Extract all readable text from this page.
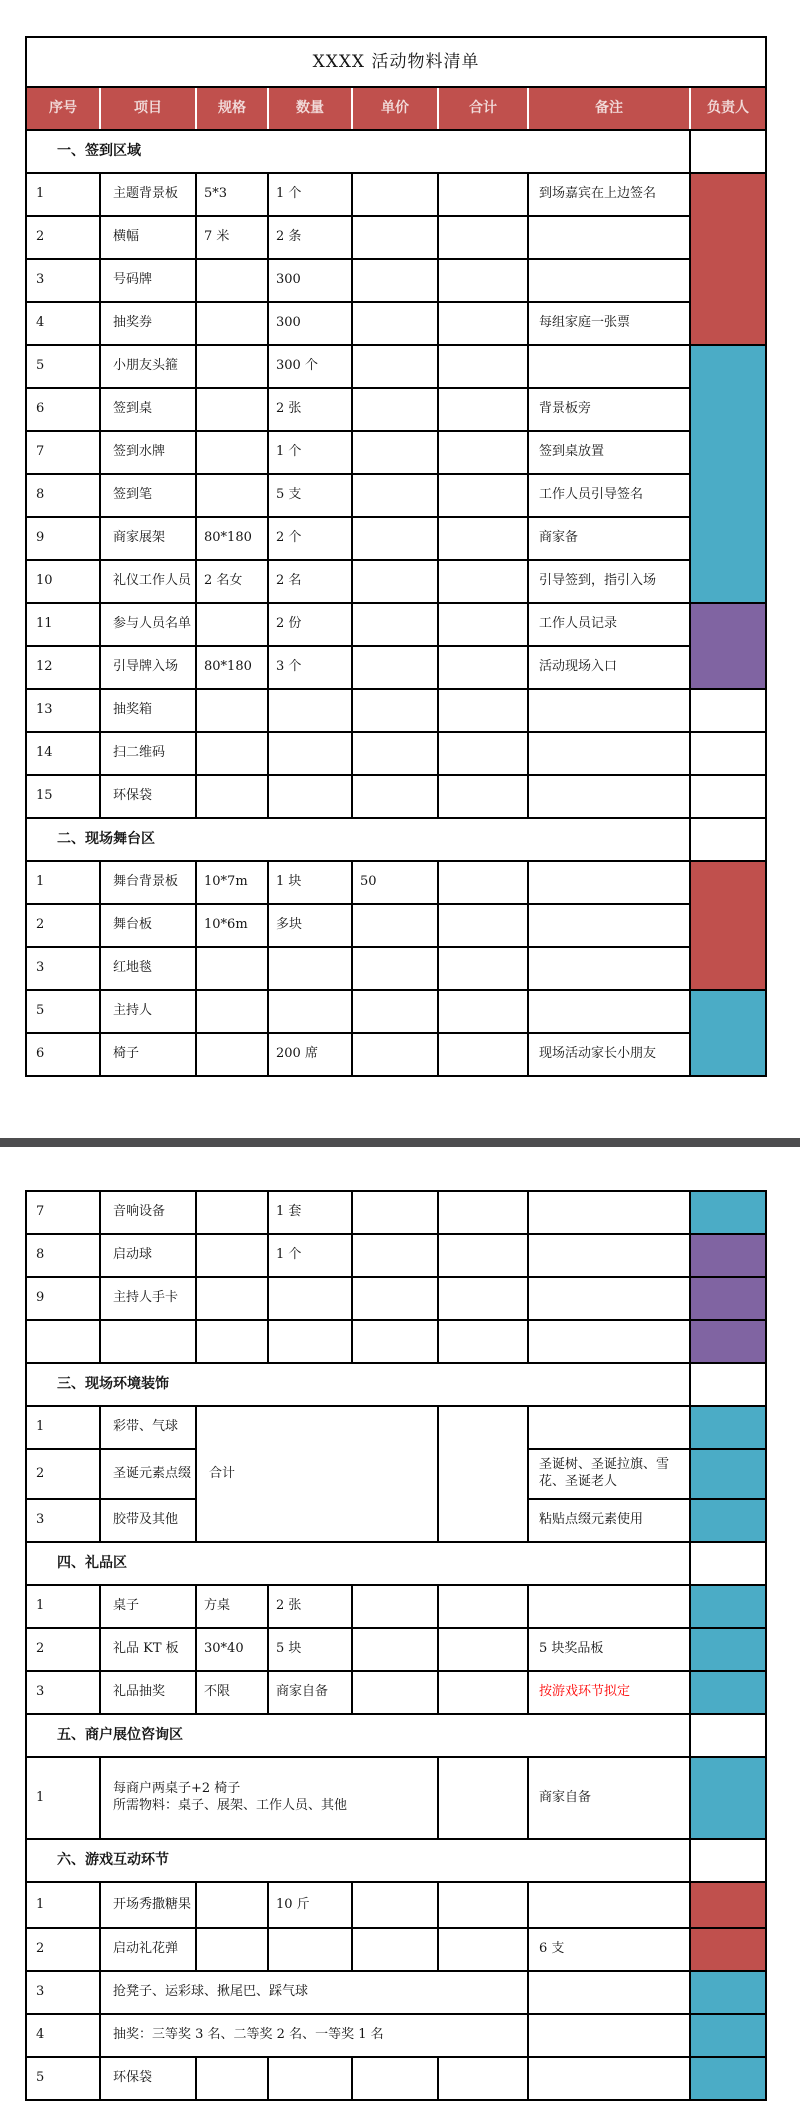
XXXX 活动物料清单							
序号	项目	规格	数量	单价	合计	备注	负责人
一、签到区域							
1	主题背景板	5*3	1 个			到场嘉宾在上边签名	
2	横幅	7 米	2 条				
3	号码牌		300				
4	抽奖券		300			每组家庭一张票	
5	小朋友头箍		300 个				
6	签到桌		2 张			背景板旁	
7	签到水牌		1 个			签到桌放置	
8	签到笔		5 支			工作人员引导签名	
9	商家展架	80*180	2 个			商家备	
10	礼仪工作人员	2 名女	2 名			引导签到，指引入场	
11	参与人员名单		2 份			工作人员记录	
12	引导牌入场	80*180	3 个			活动现场入口	
13	抽奖箱						
14	扫二维码						
15	环保袋						
二、现场舞台区							
1	舞台背景板	10*7m	1 块	50			
2	舞台板	10*6m	多块				
3	红地毯						
5	主持人						
6	椅子		200 席			现场活动家长小朋友	
7	音响设备		1 套				
8	启动球		1 个				
9	主持人手卡						

三、现场环境装饰							
1	彩带、气球	合计					
2	圣诞元素点缀					圣诞树、圣诞拉旗、雪花、圣诞老人	
3	胶带及其他					粘贴点缀元素使用	
四、礼品区							
1	桌子	方桌	2 张				
2	礼品 KT 板	30*40	5 块			5 块奖品板	
3	礼品抽奖	不限	商家自备			按游戏环节拟定	
五、商户展位咨询区							
1	每商户两桌子+2 椅子
所需物料：桌子、展架、工作人员、其他					商家自备	
六、游戏互动环节							
1	开场秀撒糖果		10 斤				
2	启动礼花弹					6 支	
3	抢凳子、运彩球、揪尾巴、踩气球						
4	抽奖：三等奖 3 名、二等奖 2 名、一等奖 1 名						
5	环保袋						
